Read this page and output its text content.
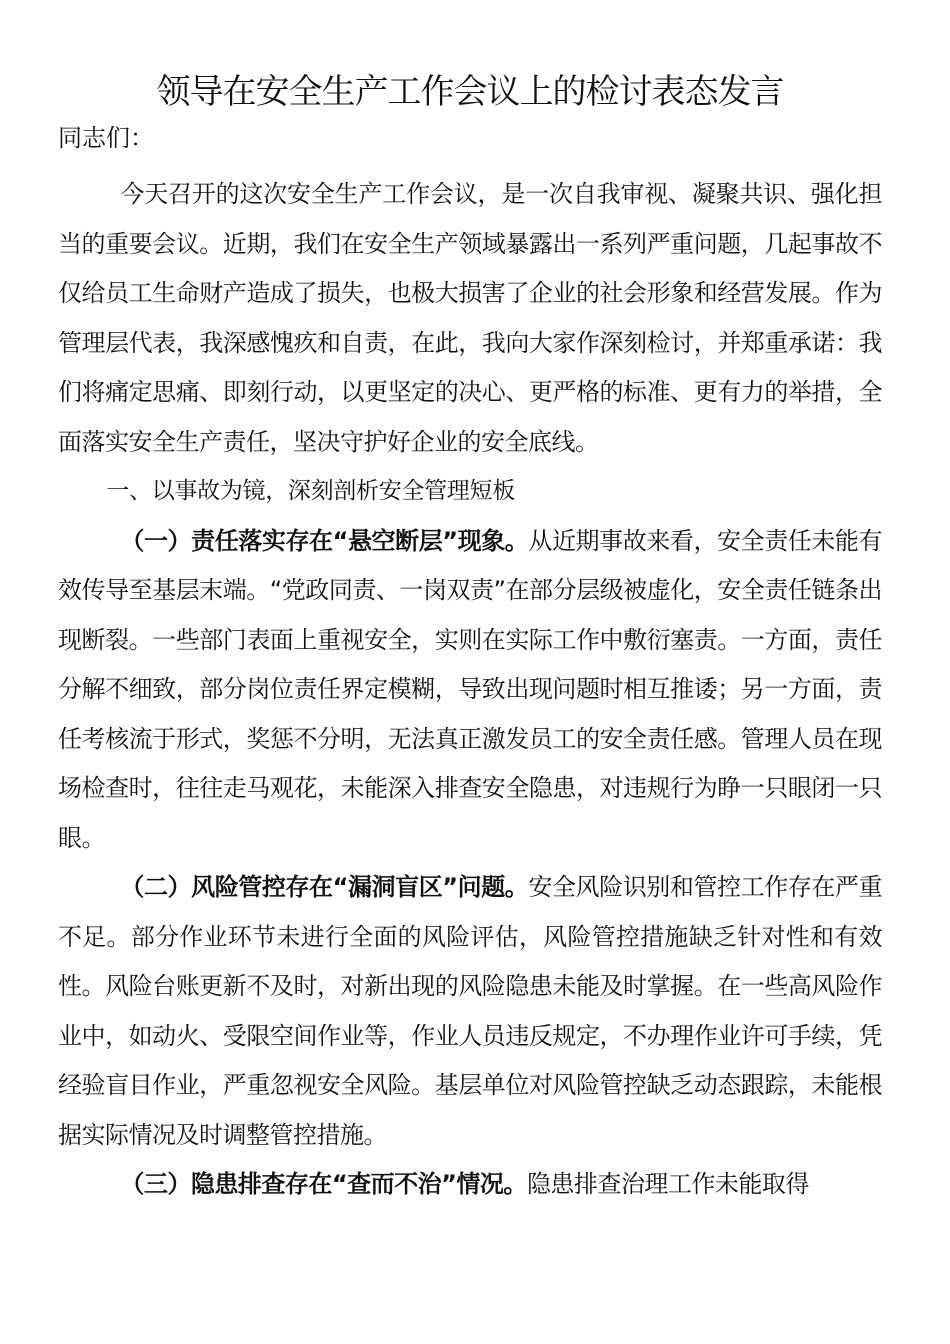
领导在安全生产工作会议上的检讨表态发言

同志们：

今天召开的这次安全生产工作会议，是一次自我审视、凝聚共识、强化担当的重要会议。近期，我们在安全生产领域暴露出一系列严重问题，几起事故不仅给员工生命财产造成了损失，也极大损害了企业的社会形象和经营发展。作为管理层代表，我深感愧疚和自责，在此，我向大家作深刻检讨，并郑重承诺：我们将痛定思痛、即刻行动，以更坚定的决心、更严格的标准、更有力的举措，全面落实安全生产责任，坚决守护好企业的安全底线。

一、以事故为镜，深刻剖析安全管理短板

（一）责任落实存在“悬空断层”现象。从近期事故来看，安全责任未能有效传导至基层末端。“党政同责、一岗双责”在部分层级被虚化，安全责任链条出现断裂。一些部门表面上重视安全，实则在实际工作中敷衍塞责。一方面，责任分解不细致，部分岗位责任界定模糊，导致出现问题时相互推诿；另一方面，责任考核流于形式，奖惩不分明，无法真正激发员工的安全责任感。管理人员在现场检查时，往往走马观花，未能深入排查安全隐患，对违规行为睁一只眼闭一只眼。

（二）风险管控存在“漏洞盲区”问题。安全风险识别和管控工作存在严重不足。部分作业环节未进行全面的风险评估，风险管控措施缺乏针对性和有效性。风险台账更新不及时，对新出现的风险隐患未能及时掌握。在一些高风险作业中，如动火、受限空间作业等，作业人员违反规定，不办理作业许可手续，凭经验盲目作业，严重忽视安全风险。基层单位对风险管控缺乏动态跟踪，未能根据实际情况及时调整管控措施。

（三）隐患排查存在“查而不治”情况。隐患排查治理工作未能取得
